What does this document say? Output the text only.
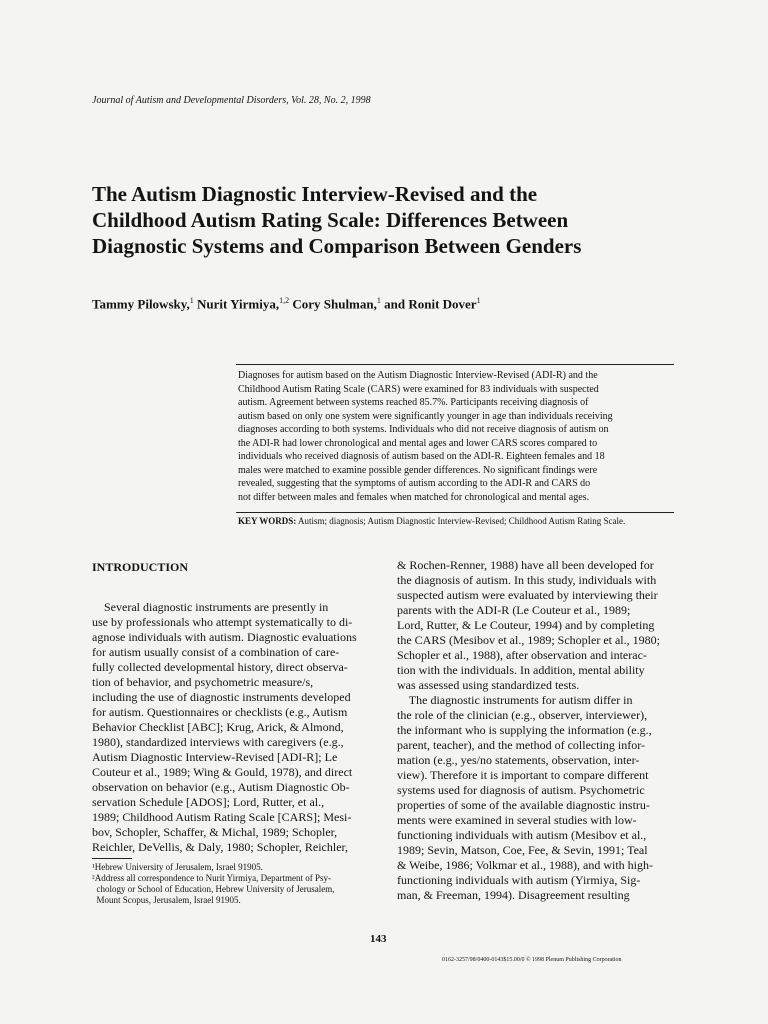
Journal of Autism and Developmental Disorders, Vol. 28, No. 2, 1998
The Autism Diagnostic Interview-Revised and the
Childhood Autism Rating Scale: Differences Between
Diagnostic Systems and Comparison Between Genders
Tammy Pilowsky,$^1$ Nurit Yirmiya,$^{1,2}$ Cory Shulman,$^1$ and Ronit Dover$^1$

Diagnoses for autism based on the Autism Diagnostic Interview-Revised (ADI-R) and the
Childhood Autism Rating Scale (CARS) were examined for 83 individuals with suspected
autism. Agreement between systems reached 85.7%. Participants receiving diagnosis of
autism based on only one system were significantly younger in age than individuals receiving
diagnoses according to both systems. Individuals who did not receive diagnosis of autism on
the ADI-R had lower chronological and mental ages and lower CARS scores compared to
individuals who received diagnosis of autism based on the ADI-R. Eighteen females and 18
males were matched to examine possible gender differences. No significant findings were
revealed, suggesting that the symptoms of autism according to the ADI-R and CARS do
not differ between males and females when matched for chronological and mental ages.

KEY WORDS: Autism; diagnosis; Autism Diagnostic Interview-Revised; Childhood Autism Rating Scale.
INTRODUCTION

Several diagnostic instruments are presently in
use by professionals who attempt systematically to di-
agnose individuals with autism. Diagnostic evaluations
for autism usually consist of a combination of care-
fully collected developmental history, direct observa-
tion of behavior, and psychometric measure/s,
including the use of diagnostic instruments developed
for autism. Questionnaires or checklists (e.g., Autism
Behavior Checklist [ABC]; Krug, Arick, & Almond,
1980), standardized interviews with caregivers (e.g.,
Autism Diagnostic Interview-Revised [ADI-R]; Le
Couteur et al., 1989; Wing & Gould, 1978), and direct
observation on behavior (e.g., Autism Diagnostic Ob-
servation Schedule [ADOS]; Lord, Rutter, et al.,
1989; Childhood Autism Rating Scale [CARS]; Mesi-
bov, Schopler, Schaffer, & Michal, 1989; Schopler,
Reichler, DeVellis, & Daly, 1980; Schopler, Reichler,

& Rochen-Renner, 1988) have all been developed for
the diagnosis of autism. In this study, individuals with
suspected autism were evaluated by interviewing their
parents with the ADI-R (Le Couteur et al., 1989;
Lord, Rutter, & Le Couteur, 1994) and by completing
the CARS (Mesibov et al., 1989; Schopler et al., 1980;
Schopler et al., 1988), after observation and interac-
tion with the individuals. In addition, mental ability
was assessed using standardized tests.
The diagnostic instruments for autism differ in
the role of the clinician (e.g., observer, interviewer),
the informant who is supplying the information (e.g.,
parent, teacher), and the method of collecting infor-
mation (e.g., yes/no statements, observation, inter-
view). Therefore it is important to compare different
systems used for diagnosis of autism. Psychometric
properties of some of the available diagnostic instru-
ments were examined in several studies with low-
functioning individuals with autism (Mesibov et al.,
1989; Sevin, Matson, Coe, Fee, & Sevin, 1991; Teal
& Weibe, 1986; Volkmar et al., 1988), and with high-
functioning individuals with autism (Yirmiya, Sig-
man, & Freeman, 1994). Disagreement resulting

¹Hebrew University of Jerusalem, Israel 91905.
²Address all correspondence to Nurit Yirmiya, Department of Psy-
chology or School of Education, Hebrew University of Jerusalem,
Mount Scopus, Jerusalem, Israel 91905.

143
0162-3257/98/0400-0143$15.00/0 © 1998 Plenum Publishing Corporation
